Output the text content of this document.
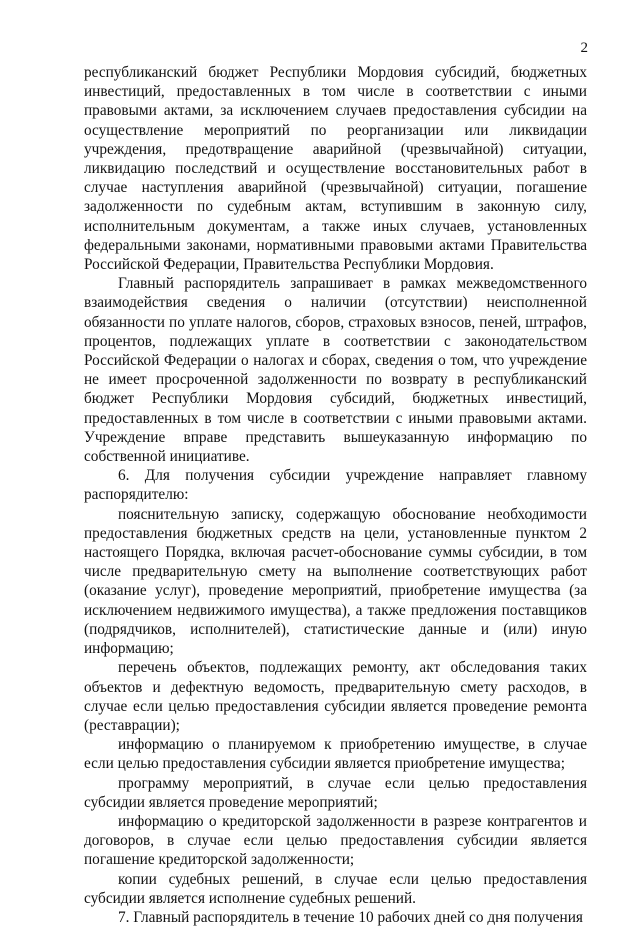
2

республиканский бюджет Республики Мордовия субсидий, бюджетных инвестиций, предоставленных в том числе в соответствии с иными правовыми актами, за исключением случаев предоставления субсидии на осуществление мероприятий по реорганизации или ликвидации учреждения, предотвращение аварийной (чрезвычайной) ситуации, ликвидацию последствий и осуществление восстановительных работ в случае наступления аварийной (чрезвычайной) ситуации, погашение задолженности по судебным актам, вступившим в законную силу, исполнительным документам, а также иных случаев, установленных федеральными законами, нормативными правовыми актами Правительства Российской Федерации, Правительства Республики Мордовия.

Главный распорядитель запрашивает в рамках межведомственного взаимодействия сведения о наличии (отсутствии) неисполненной обязанности по уплате налогов, сборов, страховых взносов, пеней, штрафов, процентов, подлежащих уплате в соответствии с законодательством Российской Федерации о налогах и сборах, сведения о том, что учреждение не имеет просроченной задолженности по возврату в республиканский бюджет Республики Мордовия субсидий, бюджетных инвестиций, предоставленных в том числе в соответствии с иными правовыми актами. Учреждение вправе представить вышеуказанную информацию по собственной инициативе.

6. Для получения субсидии учреждение направляет главному распорядителю:

пояснительную записку, содержащую обоснование необходимости предоставления бюджетных средств на цели, установленные пунктом 2 настоящего Порядка, включая расчет-обоснование суммы субсидии, в том числе предварительную смету на выполнение соответствующих работ (оказание услуг), проведение мероприятий, приобретение имущества (за исключением недвижимого имущества), а также предложения поставщиков (подрядчиков, исполнителей), статистические данные и (или) иную информацию;

перечень объектов, подлежащих ремонту, акт обследования таких объектов и дефектную ведомость, предварительную смету расходов, в случае если целью предоставления субсидии является проведение ремонта (реставрации);

информацию о планируемом к приобретению имуществе, в случае если целью предоставления субсидии является приобретение имущества;

программу мероприятий, в случае если целью предоставления субсидии является проведение мероприятий;

информацию о кредиторской задолженности в разрезе контрагентов и договоров, в случае если целью предоставления субсидии является погашение кредиторской задолженности;

копии судебных решений, в случае если целью предоставления субсидии является исполнение судебных решений.

7. Главный распорядитель в течение 10 рабочих дней со дня получения
